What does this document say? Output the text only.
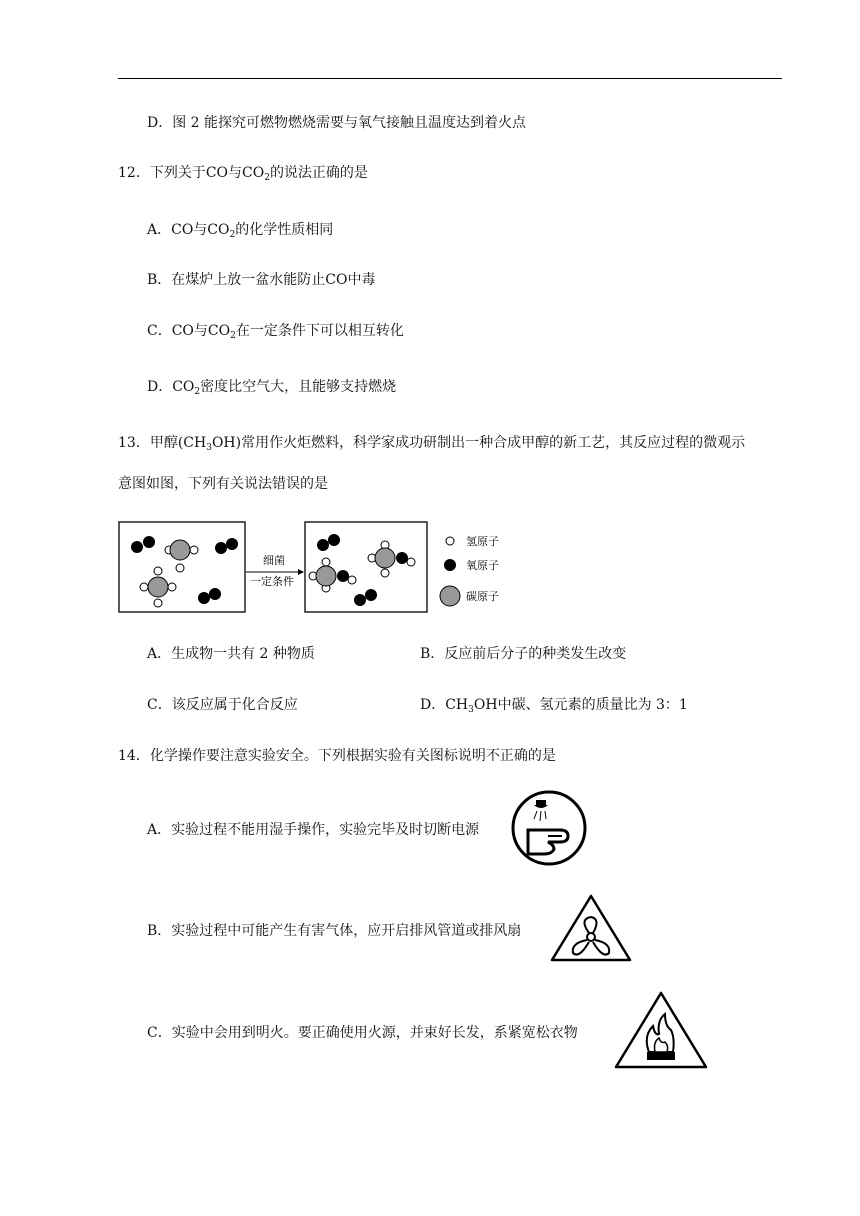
D．图 2 能探究可燃物燃烧需要与氧气接触且温度达到着火点
12．下列关于CO与$CO_2$的说法正确的是
A．CO与$CO_2$的化学性质相同
B．在煤炉上放一盆水能防止CO中毒
C．CO与$CO_2$在一定条件下可以相互转化
D．$CO_2$密度比空气大，且能够支持燃烧
13．甲醇$(CH_3OH)$常用作火炬燃料，科学家成功研制出一种合成甲醇的新工艺，其反应过程的微观示
意图如图，下列有关说法错误的是
细菌
一定条件
氢原子
氧原子
碳原子
A．生成物一共有 2 种物质	B．反应前后分子的种类发生改变
C．该反应属于化合反应	D．$CH_3OH$中碳、氢元素的质量比为 3：1
14．化学操作要注意实验安全。下列根据实验有关图标说明不正确的是
A．实验过程不能用湿手操作，实验完毕及时切断电源
B．实验过程中可能产生有害气体，应开启排风管道或排风扇
C．实验中会用到明火。要正确使用火源，并束好长发，系紧宽松衣物
